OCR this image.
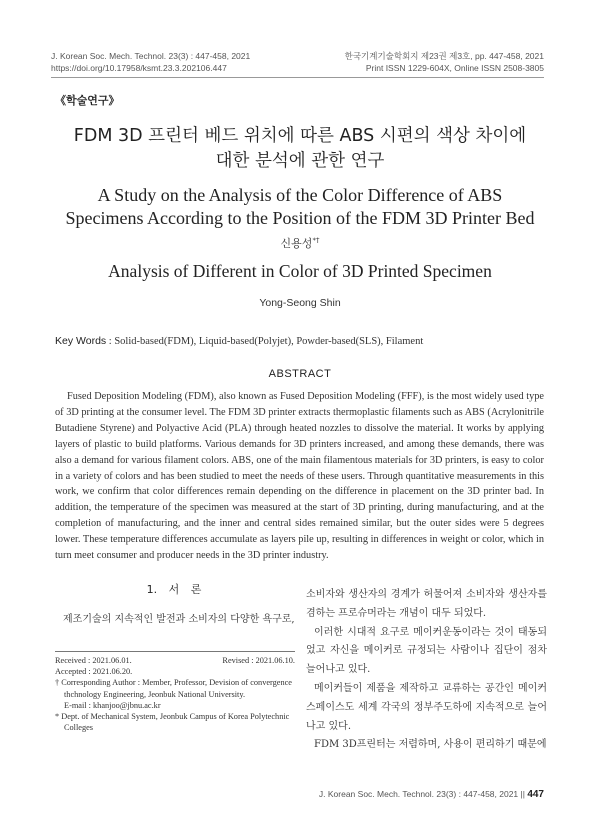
J. Korean Soc. Mech. Technol. 23(3) : 447-458, 2021
https://doi.org/10.17958/ksmt.23.3.202106.447
한국기계기술학회지 제23권 제3호, pp. 447-458, 2021
Print ISSN 1229-604X, Online ISSN 2508-3805
《학술연구》
FDM 3D 프린터 베드 위치에 따른 ABS 시편의 색상 차이에
대한 분석에 관한 연구
A Study on the Analysis of the Color Difference of ABS
Specimens According to the Position of the FDM 3D Printer Bed
신용성*†
Analysis of Different in Color of 3D Printed Specimen
Yong-Seong Shin
Key Words : Solid-based(FDM), Liquid-based(Polyjet), Powder-based(SLS), Filament
ABSTRACT
Fused Deposition Modeling (FDM), also known as Fused Deposition Modeling (FFF), is the most widely used type of 3D printing at the consumer level. The FDM 3D printer extracts thermoplastic filaments such as ABS (Acrylonitrile Butadiene Styrene) and Polyactive Acid (PLA) through heated nozzles to dissolve the material. It works by applying layers of plastic to build platforms. Various demands for 3D printers increased, and among these demands, there was also a demand for various filament colors. ABS, one of the main filamentous materials for 3D printers, is easy to color in a variety of colors and has been studied to meet the needs of these users. Through quantitative measurements in this work, we confirm that color differences remain depending on the difference in placement on the 3D printer bad. In addition, the temperature of the specimen was measured at the start of 3D printing, during manufacturing, and at the completion of manufacturing, and the inner and central sides remained similar, but the outer sides were 5 degrees lower. These temperature differences accumulate as layers pile up, resulting in differences in weight or color, which in turn meet consumer and producer needs in the 3D printer industry.
1. 서 론
제조기술의 지속적인 발전과 소비자의 다양한 욕구로,
Received : 2021.06.01.	Revised : 2021.06.10.
Accepted : 2021.06.20.
† Corresponding Author : Member, Professor, Devision of convergence thchnology Engineering, Jeonbuk National University.
E-mail : khanjoo@jbnu.ac.kr
* Dept. of Mechanical System, Jeonbuk Campus of Korea Polytechnic Colleges

소비자와 생산자의 경계가 허물어져 소비자와 생산자를 겸하는 프로슈머라는 개념이 대두 되었다.

이러한 시대적 요구로 메이커운동이라는 것이 태동되었고 자신을 메이커로 규정되는 사람이나 집단이 점차 늘어나고 있다.

메이커들이 제품을 제작하고 교류하는 공간인 메이커 스페이스도 세계 각국의 정부주도하에 지속적으로 늘어나고 있다.

FDM 3D프린터는 저렴하며, 사용이 편리하기 때문에

J. Korean Soc. Mech. Technol. 23(3) : 447-458, 2021 || 447
